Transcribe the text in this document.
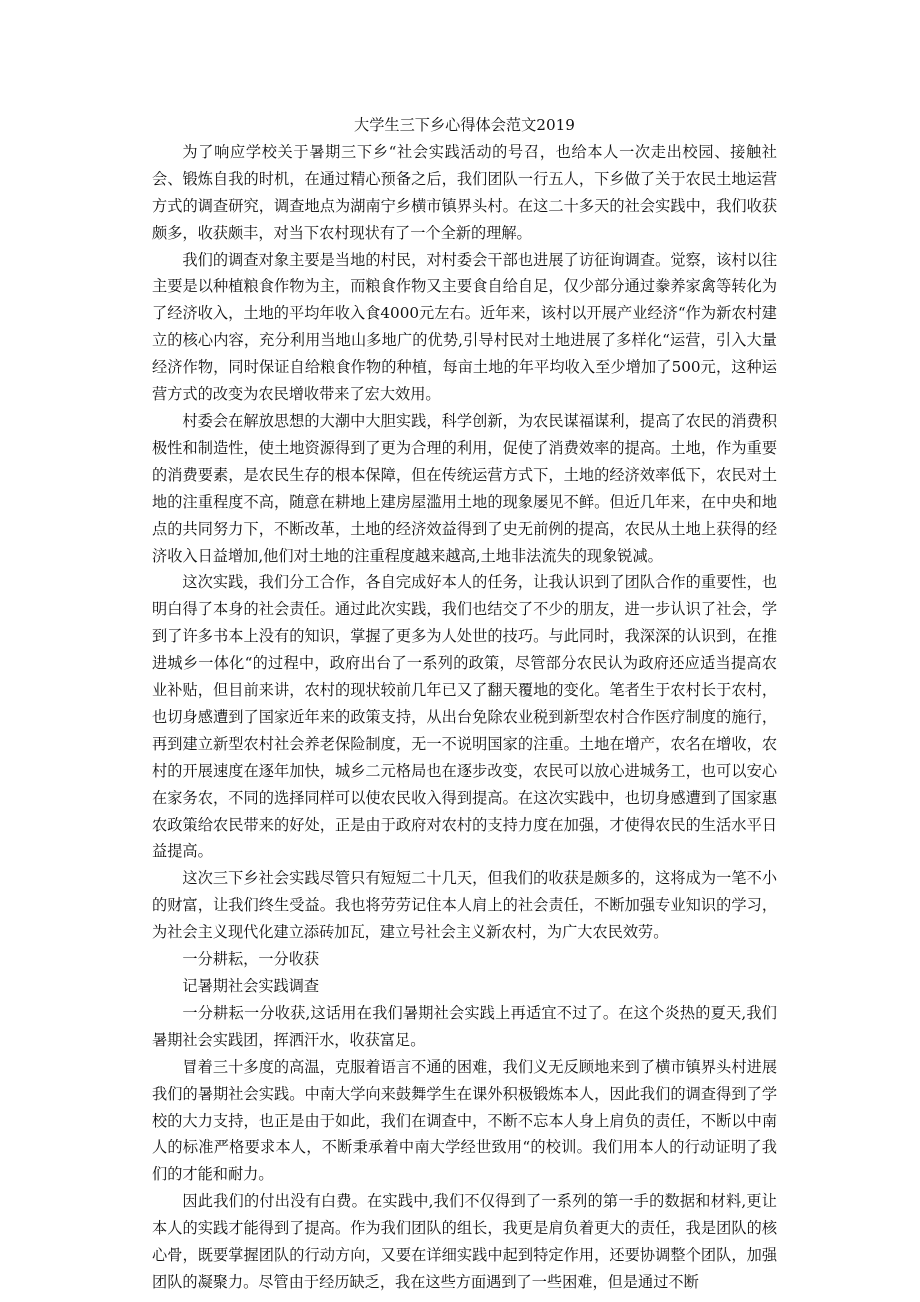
大学生三下乡心得体会范文2019

为了响应学校关于暑期三下乡“社会实践活动的号召，也给本人一次走出校园、接触社会、锻炼自我的时机，在通过精心预备之后，我们团队一行五人，下乡做了关于农民土地运营方式的调查研究，调查地点为湖南宁乡横市镇界头村。在这二十多天的社会实践中，我们收获颇多，收获颇丰，对当下农村现状有了一个全新的理解。

我们的调查对象主要是当地的村民，对村委会干部也进展了访征询调查。觉察，该村以往主要是以种植粮食作物为主，而粮食作物又主要食自给自足，仅少部分通过豢养家禽等转化为了经济收入，土地的平均年收入食4000元左右。近年来，该村以开展产业经济“作为新农村建立的核心内容，充分利用当地山多地广的优势,引导村民对土地进展了多样化“运营，引入大量经济作物，同时保证自给粮食作物的种植，每亩土地的年平均收入至少增加了500元，这种运营方式的改变为农民增收带来了宏大效用。

村委会在解放思想的大潮中大胆实践，科学创新，为农民谋福谋利，提高了农民的消费积极性和制造性，使土地资源得到了更为合理的利用，促使了消费效率的提高。土地，作为重要的消费要素，是农民生存的根本保障，但在传统运营方式下，土地的经济效率低下，农民对土地的注重程度不高，随意在耕地上建房屋滥用土地的现象屡见不鲜。但近几年来，在中央和地点的共同努力下，不断改革，土地的经济效益得到了史无前例的提高，农民从土地上获得的经济收入日益增加,他们对土地的注重程度越来越高,土地非法流失的现象锐减。

这次实践，我们分工合作，各自完成好本人的任务，让我认识到了团队合作的重要性，也明白得了本身的社会责任。通过此次实践，我们也结交了不少的朋友，进一步认识了社会，学到了许多书本上没有的知识，掌握了更多为人处世的技巧。与此同时，我深深的认识到，在推进城乡一体化“的过程中，政府出台了一系列的政策，尽管部分农民认为政府还应适当提高农业补贴，但目前来讲，农村的现状较前几年已又了翻天覆地的变化。笔者生于农村长于农村，也切身感遭到了国家近年来的政策支持，从出台免除农业税到新型农村合作医疗制度的施行，再到建立新型农村社会养老保险制度，无一不说明国家的注重。土地在增产，农名在增收，农村的开展速度在逐年加快，城乡二元格局也在逐步改变，农民可以放心进城务工，也可以安心在家务农，不同的选择同样可以使农民收入得到提高。在这次实践中，也切身感遭到了国家惠农政策给农民带来的好处，正是由于政府对农村的支持力度在加强，才使得农民的生活水平日益提高。

这次三下乡社会实践尽管只有短短二十几天，但我们的收获是颇多的，这将成为一笔不小的财富，让我们终生受益。我也将劳劳记住本人肩上的社会责任，不断加强专业知识的学习，为社会主义现代化建立添砖加瓦，建立号社会主义新农村，为广大农民效劳。

一分耕耘，一分收获

记暑期社会实践调查

一分耕耘一分收获,这话用在我们暑期社会实践上再适宜不过了。在这个炎热的夏天,我们暑期社会实践团，挥洒汗水，收获富足。

冒着三十多度的高温，克服着语言不通的困难，我们义无反顾地来到了横市镇界头村进展我们的暑期社会实践。中南大学向来鼓舞学生在课外积极锻炼本人，因此我们的调查得到了学校的大力支持，也正是由于如此，我们在调查中，不断不忘本人身上肩负的责任，不断以中南人的标准严格要求本人，不断秉承着中南大学经世致用“的校训。我们用本人的行动证明了我们的才能和耐力。

因此我们的付出没有白费。在实践中,我们不仅得到了一系列的第一手的数据和材料,更让本人的实践才能得到了提高。作为我们团队的组长，我更是肩负着更大的责任，我是团队的核心骨，既要掌握团队的行动方向，又要在详细实践中起到特定作用，还要协调整个团队，加强团队的凝聚力。尽管由于经历缺乏，我在这些方面遇到了一些困难，但是通过不断
